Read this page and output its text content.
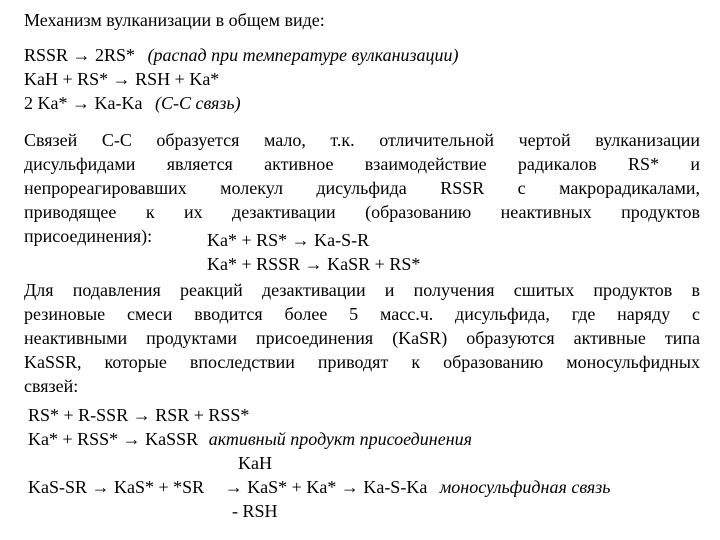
Механизм вулканизации в общем виде:
RSSR → 2RS* (распад при температуре вулканизации)
KaH + RS* → RSH + Ka*
2 Ka* → Ka-Ka (С-С связь)
Связей С-С образуется мало, т.к. отличительной чертой вулканизации
дисульфидами является активное взаимодействие радикалов RS* и
непрореагировавших молекул дисульфида RSSR с макрорадикалами,
приводящее к их дезактивации (образованию неактивных продуктов
присоединения):	Ka* + RS* → Ka-S-R
Ka* + RSSR → KaSR + RS*
Для подавления реакций дезактивации и получения сшитых продуктов в
резиновые смеси вводится более 5 масс.ч. дисульфида, где наряду с
неактивными продуктами присоединения (KaSR) образуются активные типа
KaSSR, которые впоследствии приводят к образованию моносульфидных
связей:
RS* + R-SSR → RSR + RSS*
Ka* + RSS* → KaSSR активный продукт присоединения
KaH
KaS-SR → KaS* + *SR → KaS* + Ka* → Ka-S-Ka моносульфидная связь
- RSH
